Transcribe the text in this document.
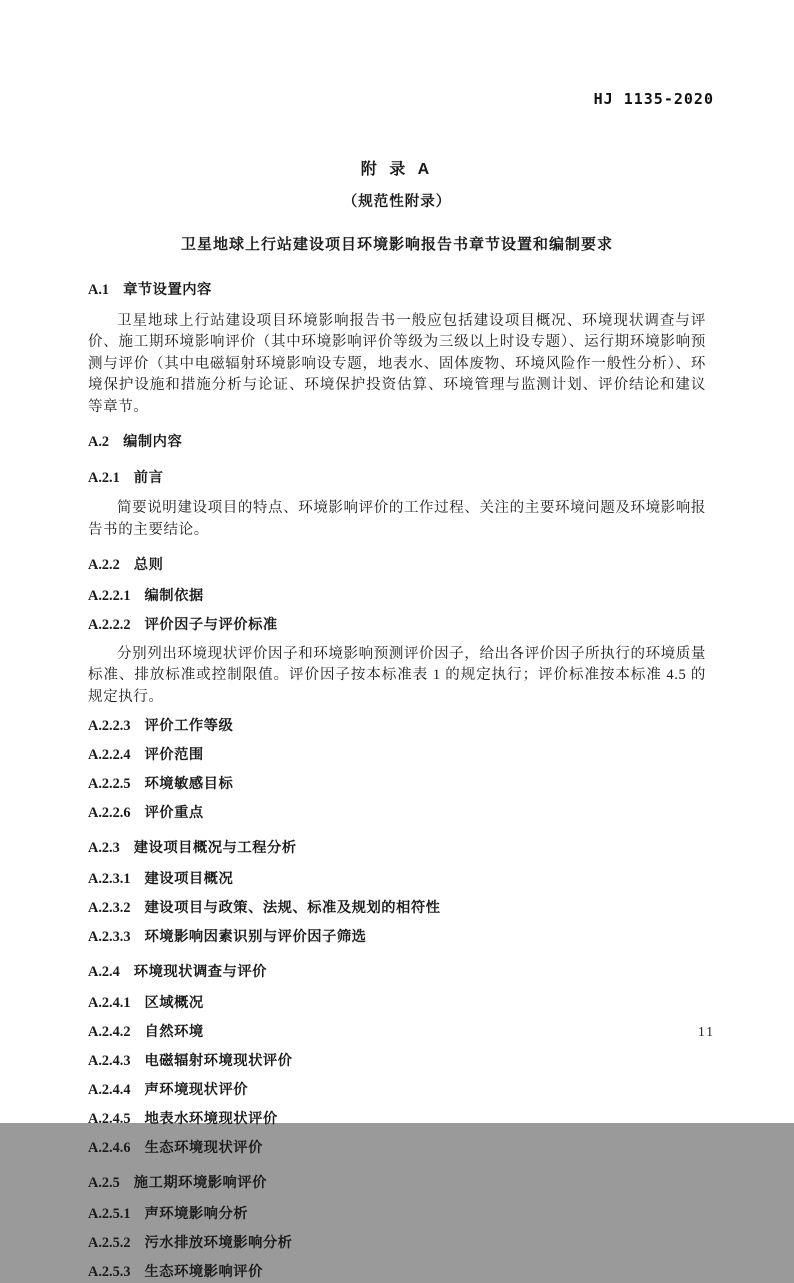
HJ 1135-2020
附 录 A
（规范性附录）
卫星地球上行站建设项目环境影响报告书章节设置和编制要求
A.1 章节设置内容

卫星地球上行站建设项目环境影响报告书一般应包括建设项目概况、环境现状调查与评价、施工期环境影响评价（其中环境影响评价等级为三级以上时设专题）、运行期环境影响预测与评价（其中电磁辐射环境影响设专题，地表水、固体废物、环境风险作一般性分析）、环境保护设施和措施分析与论证、环境保护投资估算、环境管理与监测计划、评价结论和建议等章节。

A.2 编制内容
A.2.1 前言

简要说明建设项目的特点、环境影响评价的工作过程、关注的主要环境问题及环境影响报告书的主要结论。

A.2.2 总则
A.2.2.1 编制依据
A.2.2.2 评价因子与评价标准

分别列出环境现状评价因子和环境影响预测评价因子，给出各评价因子所执行的环境质量标准、排放标准或控制限值。评价因子按本标准表 1 的规定执行；评价标准按本标准 4.5 的规定执行。

A.2.2.3 评价工作等级
A.2.2.4 评价范围
A.2.2.5 环境敏感目标
A.2.2.6 评价重点
A.2.3 建设项目概况与工程分析
A.2.3.1 建设项目概况
A.2.3.2 建设项目与政策、法规、标准及规划的相符性
A.2.3.3 环境影响因素识别与评价因子筛选
A.2.4 环境现状调查与评价
A.2.4.1 区域概况
A.2.4.2 自然环境
A.2.4.3 电磁辐射环境现状评价
A.2.4.4 声环境现状评价
A.2.4.5 地表水环境现状评价
A.2.4.6 生态环境现状评价
A.2.5 施工期环境影响评价
A.2.5.1 声环境影响分析
A.2.5.2 污水排放环境影响分析
A.2.5.3 生态环境影响评价
11
